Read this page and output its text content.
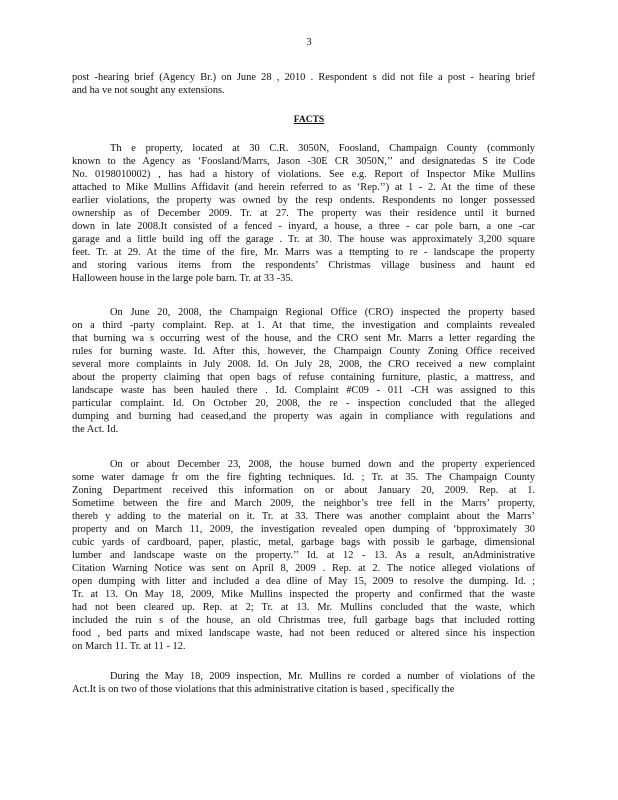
3
FACTS
post -hearing brief (Agency Br.) on June 28 , 2010 . Respondent s did not file a post - hearing brief
and ha ve not sought any extensions.
Th e property, located at 30 C.R. 3050N, Foosland, Champaign County (commonly
known to the Agency as ‘Foosland/Marrs, Jason -30E CR 3050N,’’ and designatedas S ite Code
No. 0198010002) , has had a history of violations. See e.g. Report of Inspector Mike Mullins
attached to Mike Mullins Affidavit (and herein referred to as ‘Rep.’’) at 1 - 2. At the time of these
earlier violations, the property was owned by the resp ondents. Respondents no longer possessed
ownership as of December 2009. Tr. at 27. The property was their residence until it burned
down in late 2008.It consisted of a fenced - inyard, a house, a three - car pole barn, a one -car
garage and a little build ing off the garage . Tr. at 30. The house was approximately 3,200 square
feet. Tr. at 29. At the time of the fire, Mr. Marrs was a ttempting to re - landscape the property
and storing various items from the respondents’ Christmas village business and haunt ed
Halloween house in the large pole barn. Tr. at 33 -35.
On June 20, 2008, the Champaign Regional Office (CRO) inspected the property based
on a third -party complaint. Rep. at 1. At that time, the investigation and complaints revealed
that burning wa s occurring west of the house, and the CRO sent Mr. Marrs a letter regarding the
rules for burning waste. Id. After this, however, the Champaign County Zoning Office received
several more complaints in July 2008. Id. On July 28, 2008, the CRO received a new complaint
about the property claiming that open bags of refuse containing furniture, plastic, a mattress, and
landscape waste has been hauled there . Id. Complaint #C09 - 011 -CH was assigned to this
particular complaint. Id. On October 20, 2008, the re - inspection concluded that the alleged
dumping and burning had ceased,and the property was again in compliance with regulations and
the Act. Id.
On or about December 23, 2008, the house burned down and the property experienced
some water damage fr om the fire fighting techniques. Id. ; Tr. at 35. The Champaign County
Zoning Department received this information on or about January 20, 2009. Rep. at 1.
Sometime between the fire and March 2009, the neighbor’s tree fell in the Marrs’ property,
thereb y adding to the material on it. Tr. at 33. There was another complaint about the Marrs’
property and on March 11, 2009, the investigation revealed open dumping of ‘bpproximately 30
cubic yards of cardboard, paper, plastic, metal, garbage bags with possib le garbage, dimensional
lumber and landscape waste on the property.’’ Id. at 12 - 13. As a result, anAdministrative
Citation Warning Notice was sent on April 8, 2009 . Rep. at 2. The notice alleged violations of
open dumping with litter and included a dea dline of May 15, 2009 to resolve the dumping. Id. ;
Tr. at 13. On May 18, 2009, Mike Mullins inspected the property and confirmed that the waste
had not been cleared up. Rep. at 2; Tr. at 13. Mr. Mullins concluded that the waste, which
included the ruin s of the house, an old Christmas tree, full garbage bags that included rotting
food , bed parts and mixed landscape waste, had not been reduced or altered since his inspection
on March 11. Tr. at 11 - 12.
During the May 18, 2009 inspection, Mr. Mullins re corded a number of violations of the
Act.It is on two of those violations that this administrative citation is based , specifically the
